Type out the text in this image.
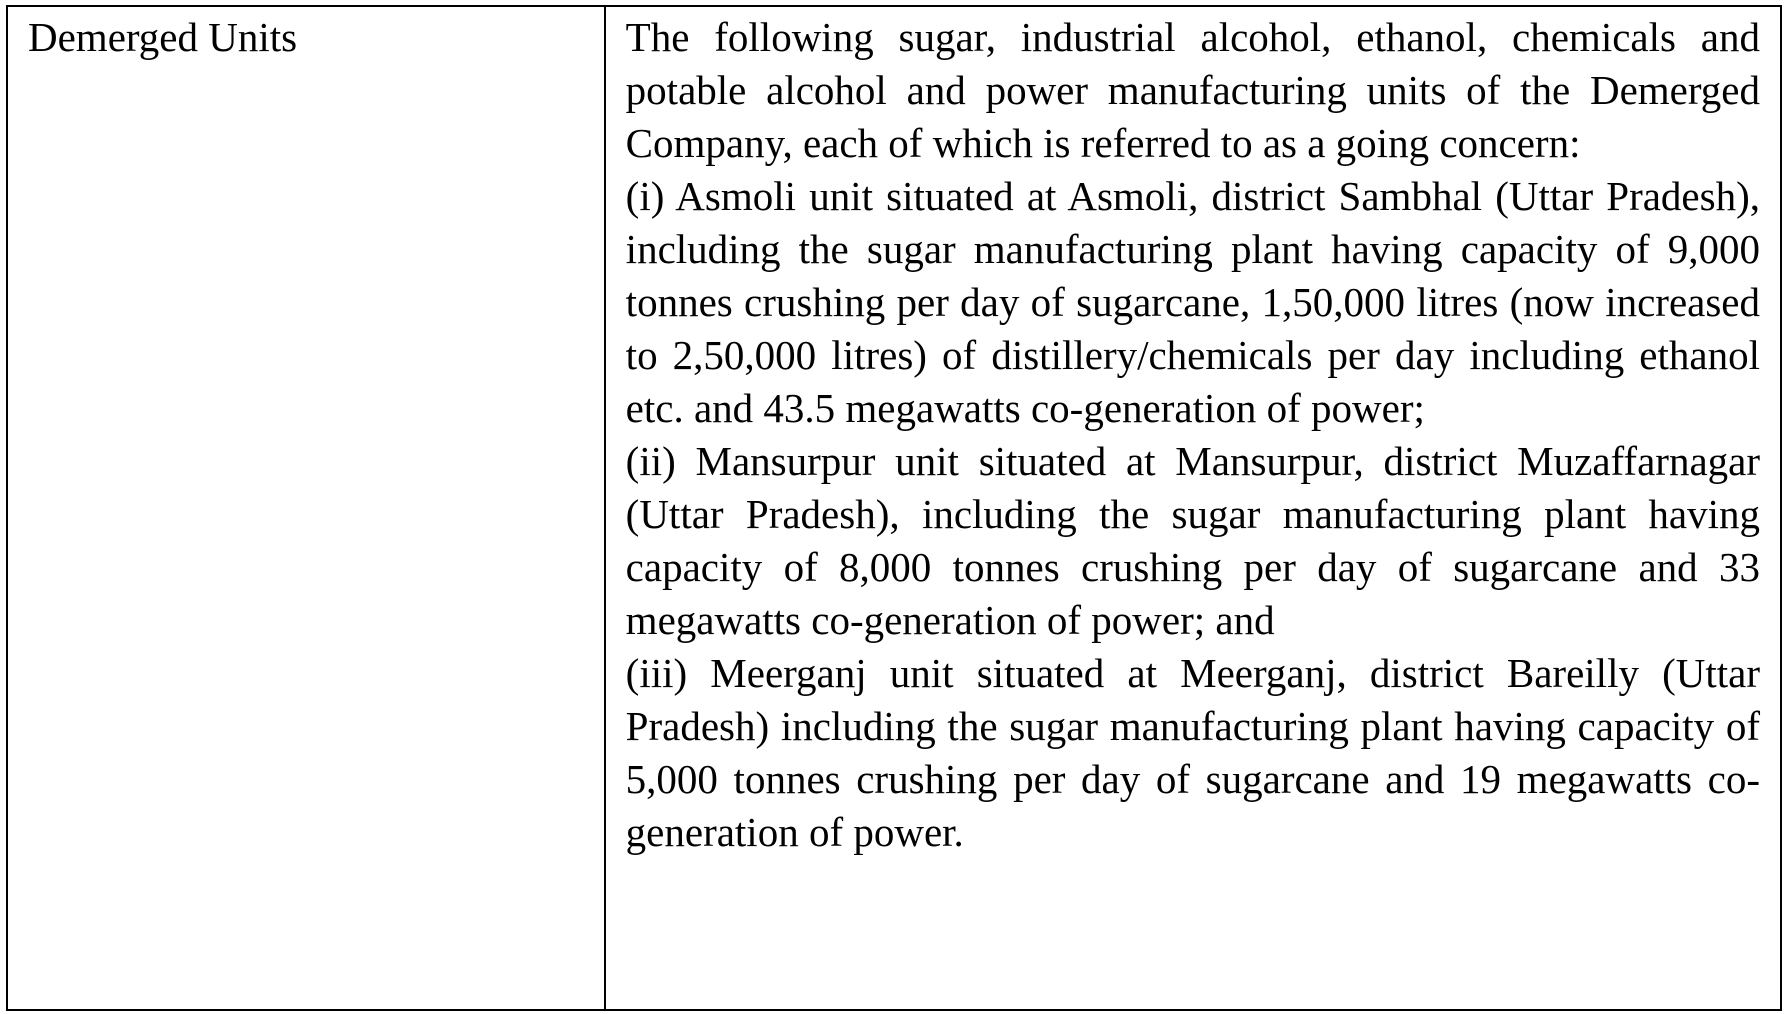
Demerged Units	The following sugar, industrial alcohol, ethanol, chemicals and potable alcohol and power manufacturing units of the Demerged Company, each of which is referred to as a going concern:

(i) Asmoli unit situated at Asmoli, district Sambhal (Uttar Pradesh), including the sugar manufacturing plant having capacity of 9,000 tonnes crushing per day of sugarcane, 1,50,000 litres (now increased to 2,50,000 litres) of distillery/chemicals per day including ethanol etc. and 43.5 megawatts co-generation of power;

(ii) Mansurpur unit situated at Mansurpur, district Muzaffarnagar (Uttar Pradesh), including the sugar manufacturing plant having capacity of 8,000 tonnes crushing per day of sugarcane and 33 megawatts co-generation of power; and

(iii) Meerganj unit situated at Meerganj, district Bareilly (Uttar Pradesh) including the sugar manufacturing plant having capacity of 5,000 tonnes crushing per day of sugarcane and 19 megawatts co-generation of power.
